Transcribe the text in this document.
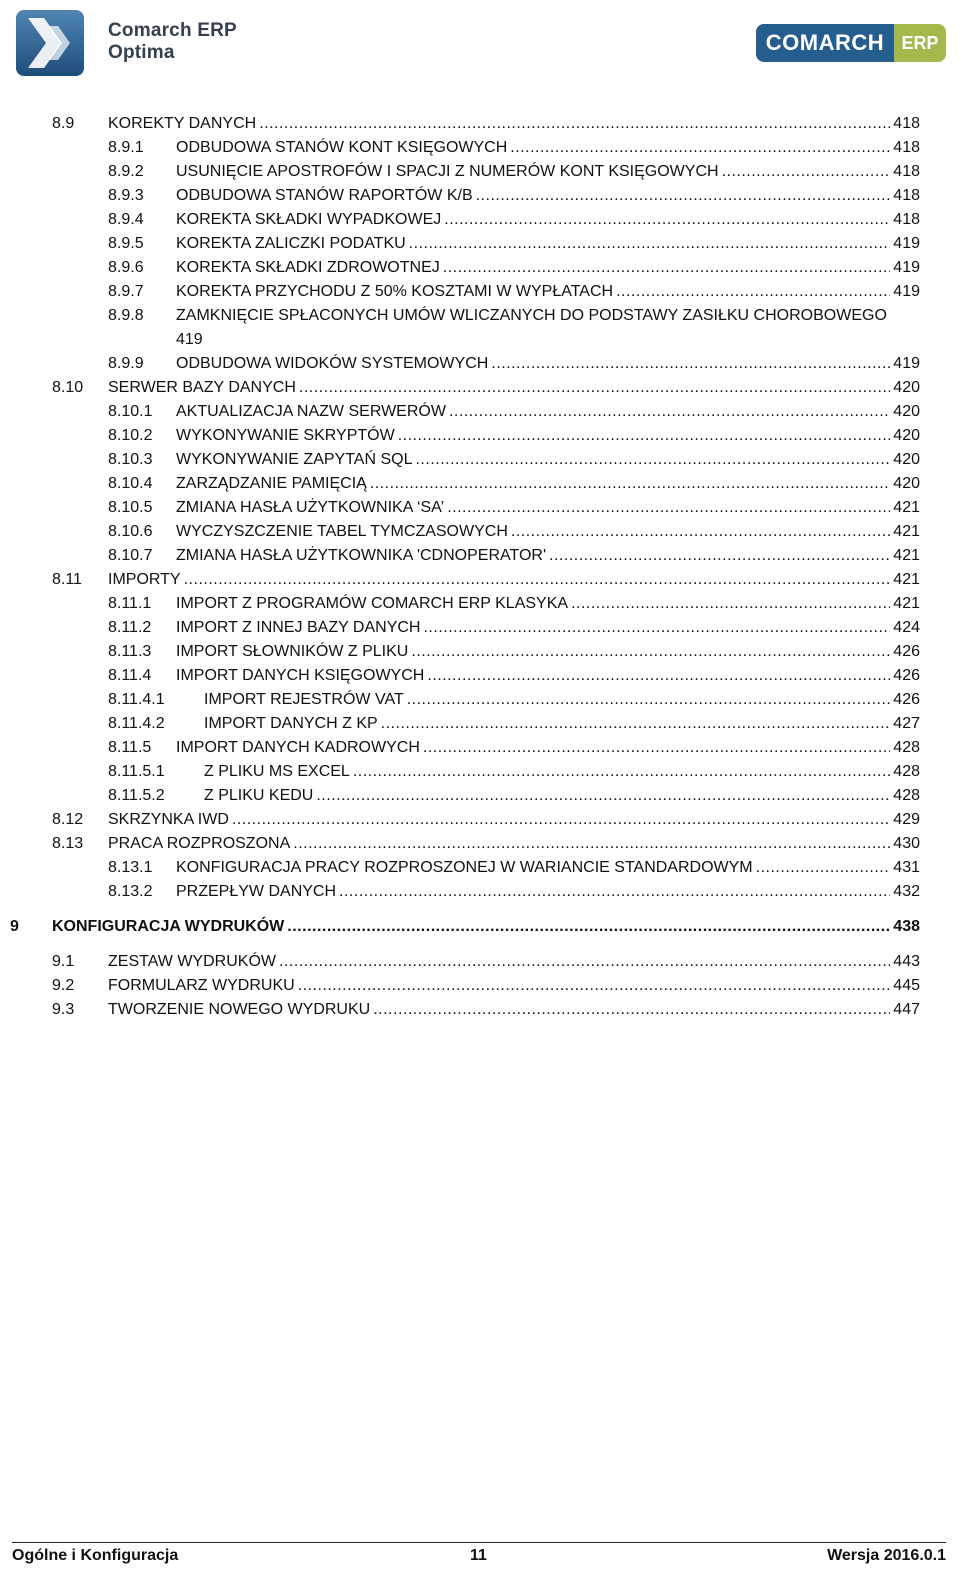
Comarch ERP
Optima	COMARCH ERP
8.9 KOREKTY DANYCH .....	418
8.9.1 ODBUDOWA STANÓW KONT KSIĘGOWYCH .....	418
8.9.2 USUNIĘCIE APOSTROFÓW I SPACJI Z NUMERÓW KONT KSIĘGOWYCH .....	418
8.9.3 ODBUDOWA STANÓW RAPORTÓW K/B .....	418
8.9.4 KOREKTA SKŁADKI WYPADKOWEJ .....	418
8.9.5 KOREKTA ZALICZKI PODATKU .....	419
8.9.6 KOREKTA SKŁADKI ZDROWOTNEJ .....	419
8.9.7 KOREKTA PRZYCHODU Z 50% KOSZTAMI W WYPŁATACH .....	419
8.9.8 ZAMKNIĘCIE SPŁACONYCH UMÓW WLICZANYCH DO PODSTAWY ZASIŁKU CHOROBOWEGO
419
8.9.9 ODBUDOWA WIDOKÓW SYSTEMOWYCH .....	419
8.10 SERWER BAZY DANYCH .....	420
8.10.1 AKTUALIZACJA NAZW SERWERÓW .....	420
8.10.2 WYKONYWANIE SKRYPTÓW .....	420
8.10.3 WYKONYWANIE ZAPYTAŃ SQL .....	420
8.10.4 ZARZĄDZANIE PAMIĘCIĄ .....	420
8.10.5 ZMIANA HASŁA UŻYTKOWNIKA ‘SA’ .....	421
8.10.6 WYCZYSZCZENIE TABEL TYMCZASOWYCH .....	421
8.10.7 ZMIANA HASŁA UŻYTKOWNIKA 'CDNOPERATOR' .....	421
8.11 IMPORTY .....	421
8.11.1 IMPORT Z PROGRAMÓW COMARCH ERP KLASYKA .....	421
8.11.2 IMPORT Z INNEJ BAZY DANYCH .....	424
8.11.3 IMPORT SŁOWNIKÓW Z PLIKU .....	426
8.11.4 IMPORT DANYCH KSIĘGOWYCH .....	426
8.11.4.1 IMPORT REJESTRÓW VAT .....	426
8.11.4.2 IMPORT DANYCH Z KP .....	427
8.11.5 IMPORT DANYCH KADROWYCH .....	428
8.11.5.1 Z PLIKU MS EXCEL .....	428
8.11.5.2 Z PLIKU KEDU .....	428
8.12 SKRZYNKA IWD .....	429
8.13 PRACA ROZPROSZONA .....	430
8.13.1 KONFIGURACJA PRACY ROZPROSZONEJ W WARIANCIE STANDARDOWYM .....	431
8.13.2 PRZEPŁYW DANYCH .....	432
9 KONFIGURACJA WYDRUKÓW .....	438
9.1 ZESTAW WYDRUKÓW .....	443
9.2 FORMULARZ WYDRUKU .....	445
9.3 TWORZENIE NOWEGO WYDRUKU .....	447
Ogólne i Konfiguracja	11	Wersja 2016.0.1
